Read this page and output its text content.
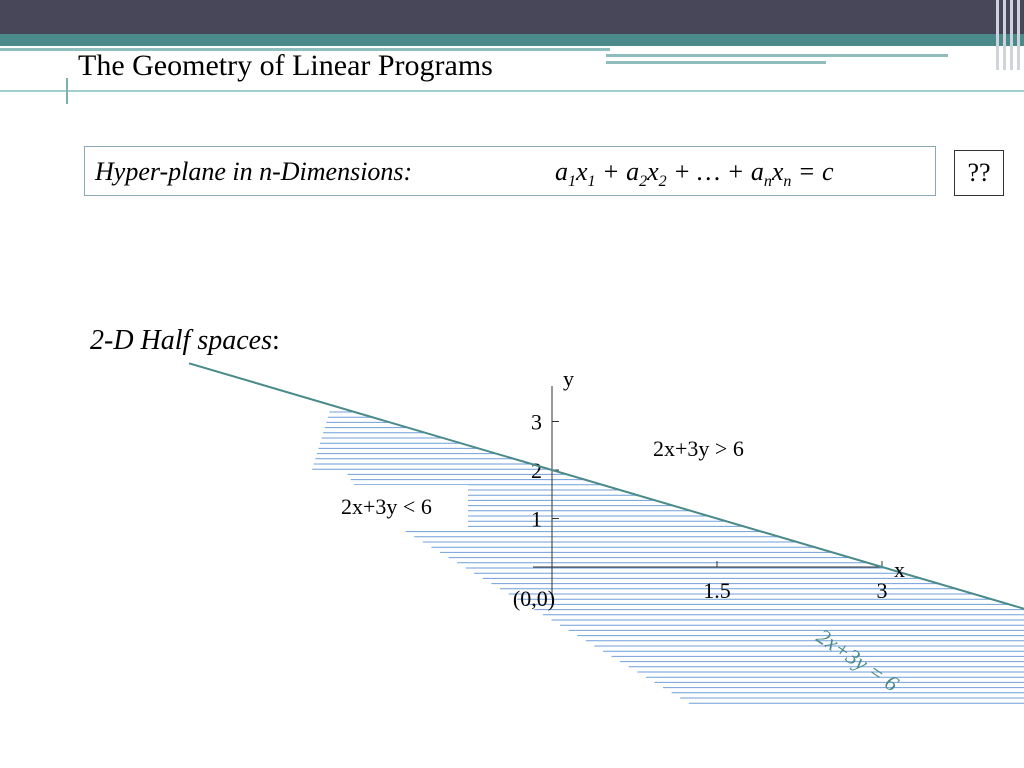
The Geometry of Linear Programs
Hyper-plane in n-Dimensions:	$a_1x_1 + a_2x_2$ + … + $a_nx_n = c$	??
2-D Half spaces:
1.5	3
1
2
3
x
y
(0,0)
2x+3y > 6
2x+3y < 6
2x+3y = 6
